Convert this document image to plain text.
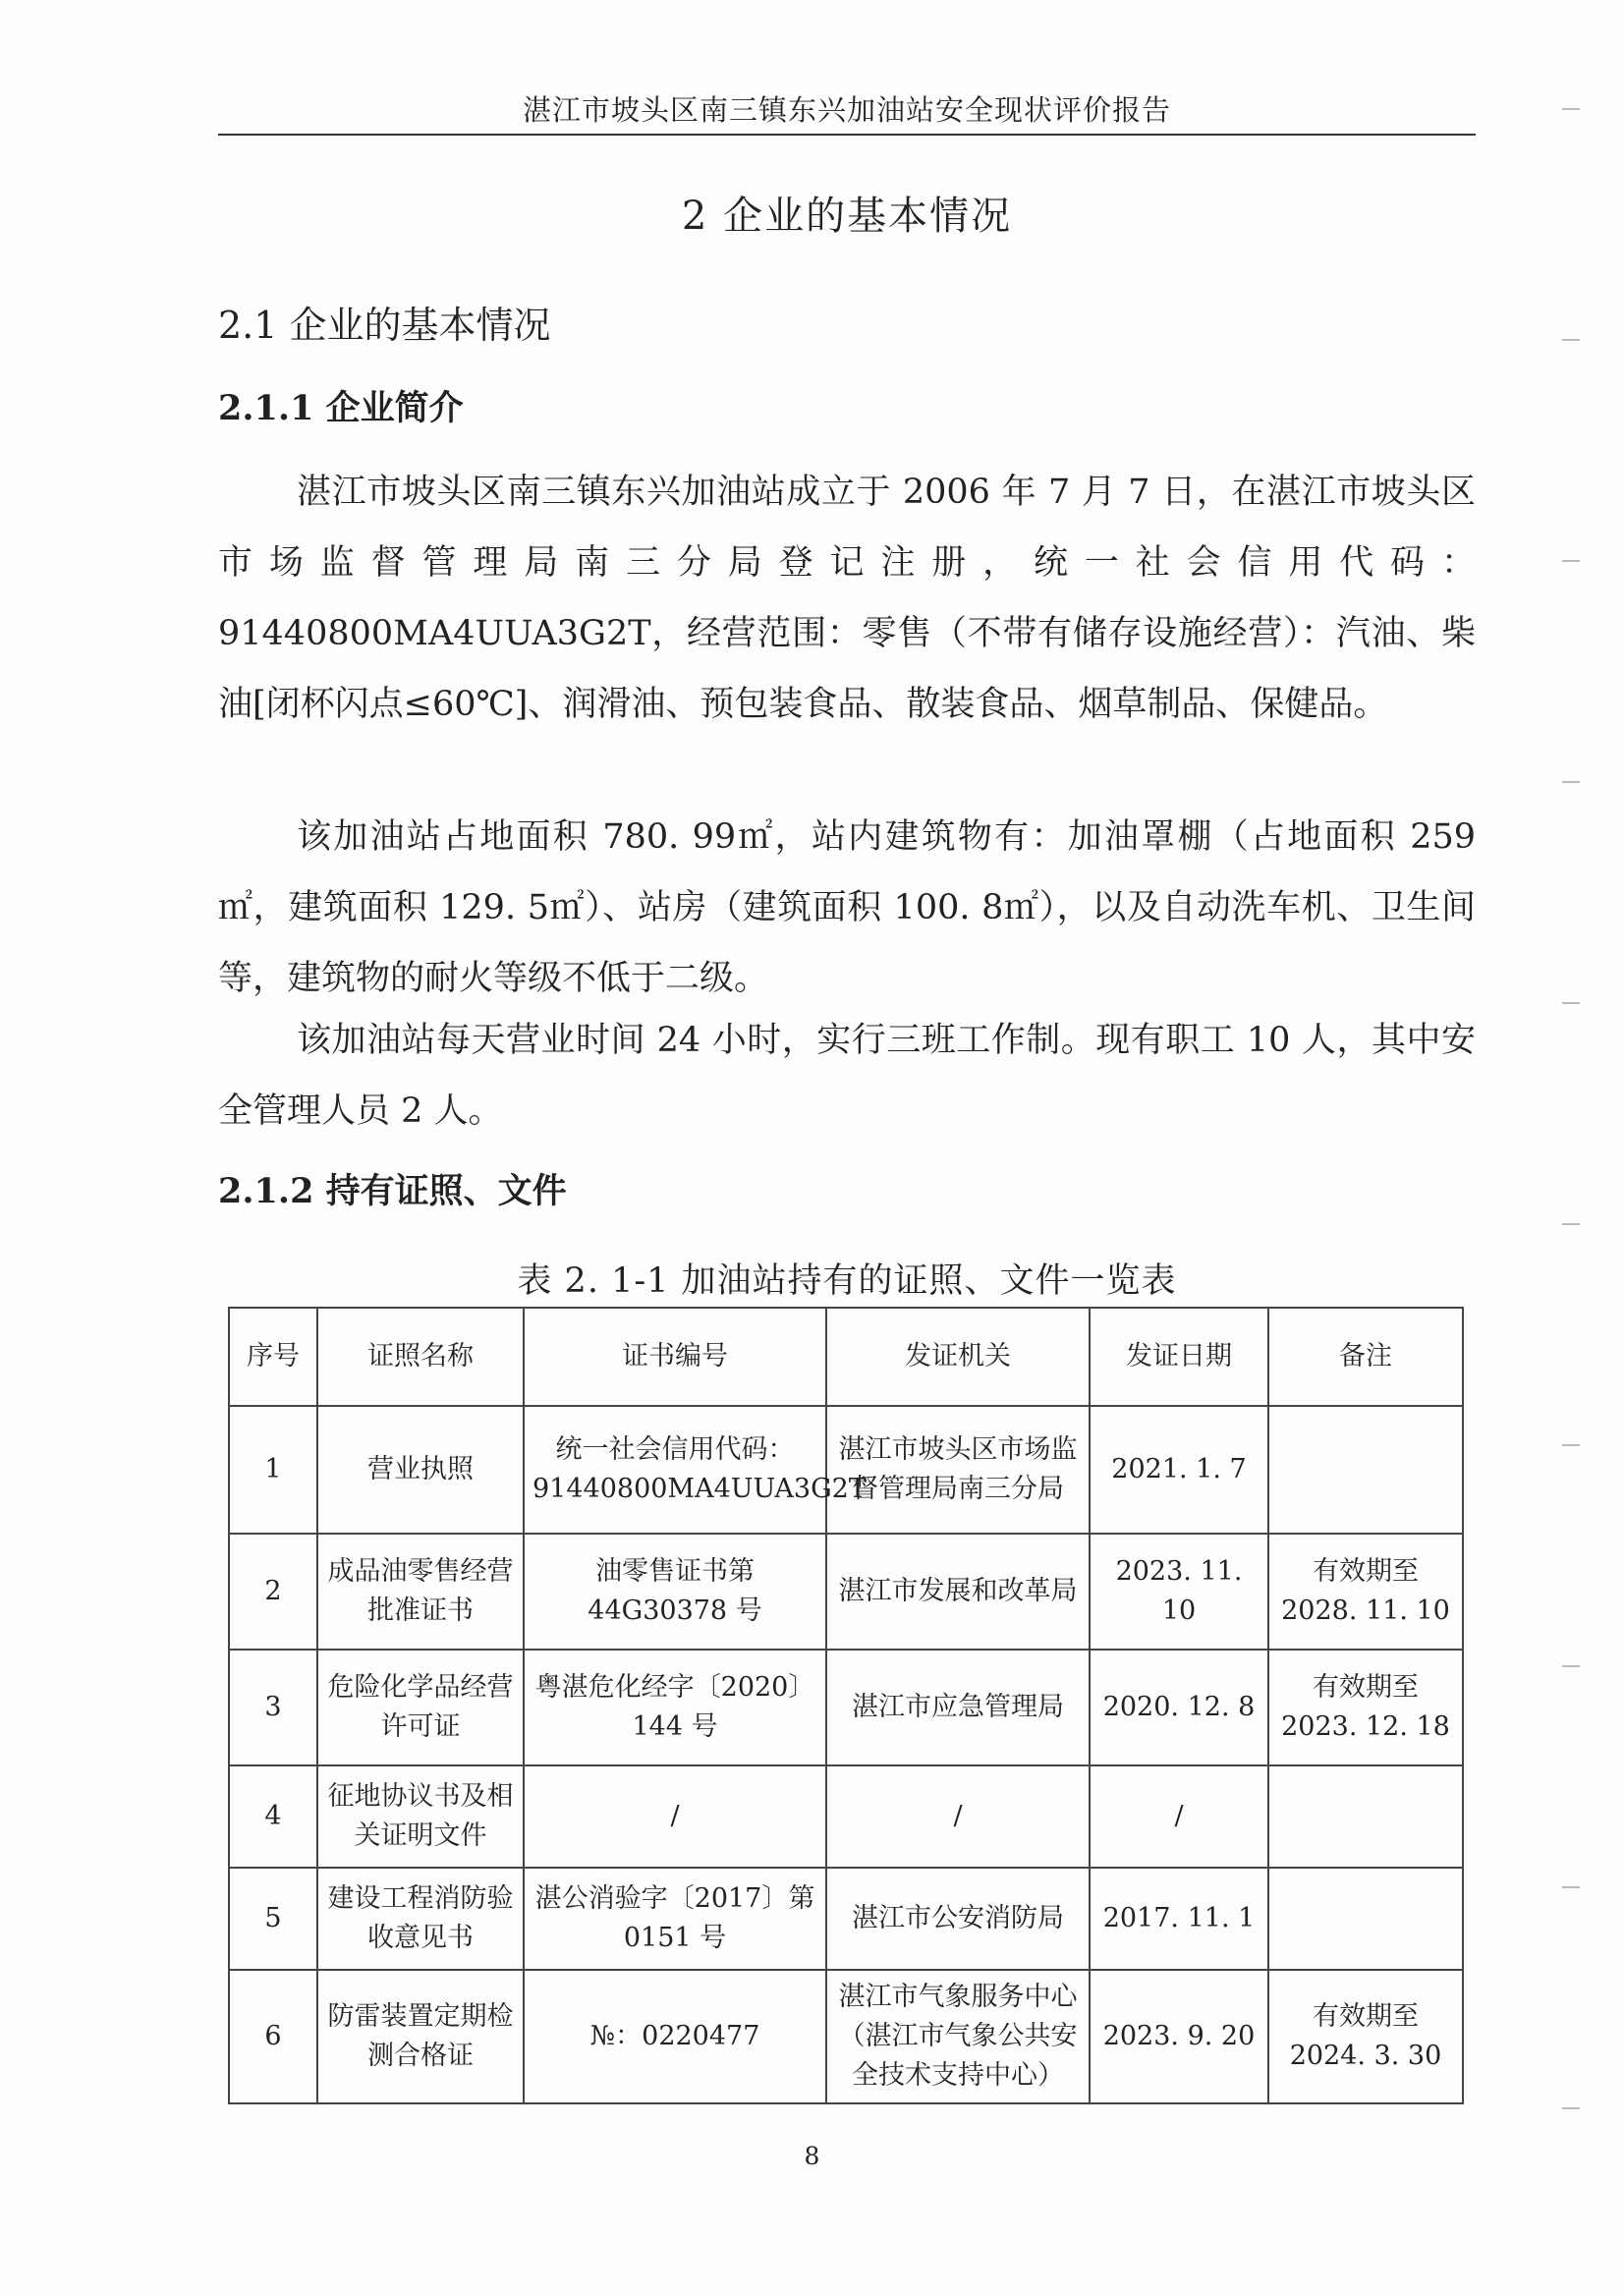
湛江市坡头区南三镇东兴加油站安全现状评价报告
2 企业的基本情况
2.1 企业的基本情况
2.1.1 企业简介

湛江市坡头区南三镇东兴加油站成立于 2006 年 7 月 7 日，在湛江市坡头区市场监督管理局南三分局登记注册，统一社会信用代码：91440800MA4UUA3G2T，经营范围：零售（不带有储存设施经营）：汽油、柴油[闭杯闪点≤60℃]、润滑油、预包装食品、散装食品、烟草制品、保健品。

该加油站占地面积 780. 99㎡，站内建筑物有：加油罩棚（占地面积 259㎡，建筑面积 129. 5㎡）、站房（建筑面积 100. 8㎡），以及自动洗车机、卫生间等，建筑物的耐火等级不低于二级。

该加油站每天营业时间 24 小时，实行三班工作制。现有职工 10 人，其中安全管理人员 2 人。

2.1.2 持有证照、文件
表 2. 1-1 加油站持有的证照、文件一览表
序号	证照名称	证书编号	发证机关	发证日期	备注
1	营业执照	统一社会信用代码：91440800MA4UUA3G2T	湛江市坡头区市场监督管理局南三分局	2021. 1. 7	
2	成品油零售经营批准证书	油零售证书第 44G30378 号	湛江市发展和改革局	2023. 11. 10	有效期至 2028. 11. 10
3	危险化学品经营许可证	粤湛危化经字〔2020〕144 号	湛江市应急管理局	2020. 12. 8	有效期至 2023. 12. 18
4	征地协议书及相关证明文件	/	/	/	
5	建设工程消防验收意见书	湛公消验字〔2017〕第 0151 号	湛江市公安消防局	2017. 11. 1	
6	防雷装置定期检测合格证	№：0220477	湛江市气象服务中心（湛江市气象公共安全技术支持中心）	2023. 9. 20	有效期至 2024. 3. 30
8
